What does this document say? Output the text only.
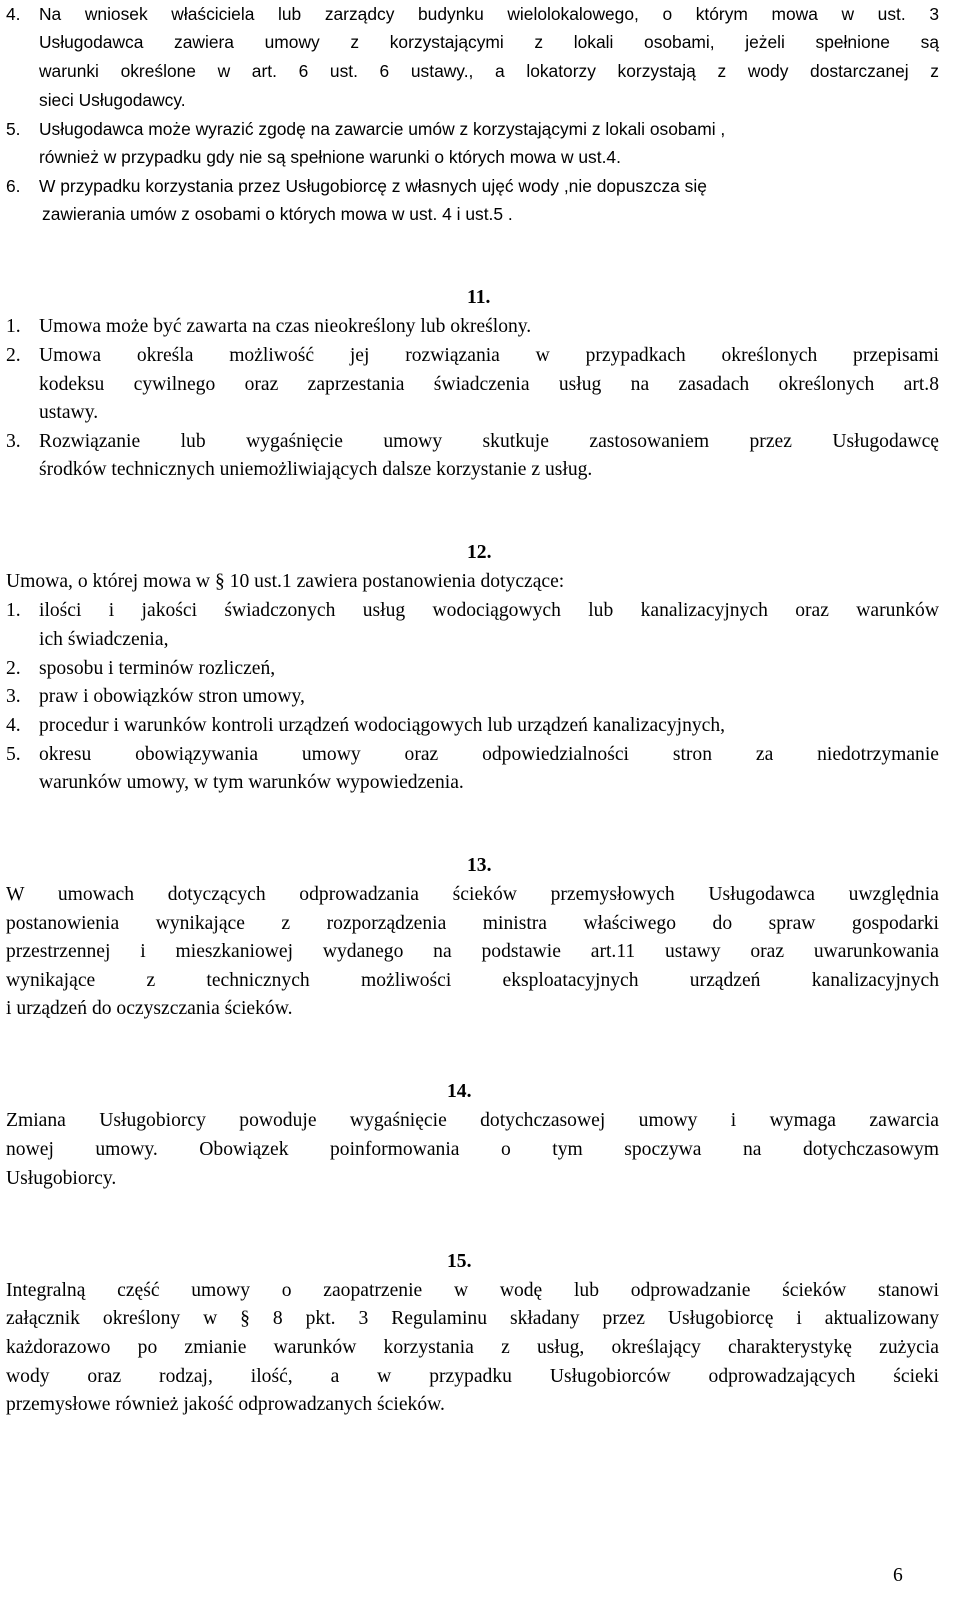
4.	Na wniosek właściciela lub zarządcy budynku wielolokalowego, o którym mowa w ust. 3
Usługodawca zawiera umowy z korzystającymi z lokali osobami, jeżeli spełnione są
warunki określone w art. 6 ust. 6 ustawy., a lokatorzy korzystają z wody dostarczanej z
sieci Usługodawcy.
5.	Usługodawca może wyrazić zgodę na zawarcie umów z korzystającymi z lokali osobami ,
również w przypadku gdy nie są spełnione warunki o których mowa w ust.4.
6.	W przypadku korzystania przez Usługobiorcę z własnych ujęć wody ,nie dopuszcza się
zawierania umów z osobami o których mowa w ust. 4 i ust.5 .
11.
1. Umowa może być zawarta na czas nieokreślony lub określony.
2. Umowa określa możliwość jej rozwiązania w przypadkach określonych przepisami
kodeksu cywilnego oraz zaprzestania świadczenia usług na zasadach określonych art.8
ustawy.
3. Rozwiązanie lub wygaśnięcie umowy skutkuje zastosowaniem przez Usługodawcę
środków technicznych uniemożliwiających dalsze korzystanie z usług.
12.
Umowa, o której mowa w § 10 ust.1 zawiera postanowienia dotyczące:
1. ilości i jakości świadczonych usług wodociągowych lub kanalizacyjnych oraz warunków
ich świadczenia,
2. sposobu i terminów rozliczeń,
3. praw i obowiązków stron umowy,
4. procedur i warunków kontroli urządzeń wodociągowych lub urządzeń kanalizacyjnych,
5. okresu obowiązywania umowy oraz odpowiedzialności stron za niedotrzymanie
warunków umowy, w tym warunków wypowiedzenia.
13.
W umowach dotyczących odprowadzania ścieków przemysłowych Usługodawca uwzględnia
postanowienia wynikające z rozporządzenia ministra właściwego do spraw gospodarki
przestrzennej i mieszkaniowej wydanego na podstawie art.11 ustawy oraz uwarunkowania
wynikające z technicznych możliwości eksploatacyjnych urządzeń kanalizacyjnych
i urządzeń do oczyszczania ścieków.
14.
Zmiana Usługobiorcy powoduje wygaśnięcie dotychczasowej umowy i wymaga zawarcia
nowej umowy. Obowiązek poinformowania o tym spoczywa na dotychczasowym
Usługobiorcy.
15.
Integralną część umowy o zaopatrzenie w wodę lub odprowadzanie ścieków stanowi
załącznik określony w § 8 pkt. 3 Regulaminu składany przez Usługobiorcę i aktualizowany
każdorazowo po zmianie warunków korzystania z usług, określający charakterystykę zużycia
wody oraz rodzaj, ilość, a w przypadku Usługobiorców odprowadzających ścieki
przemysłowe również jakość odprowadzanych ścieków.
6
